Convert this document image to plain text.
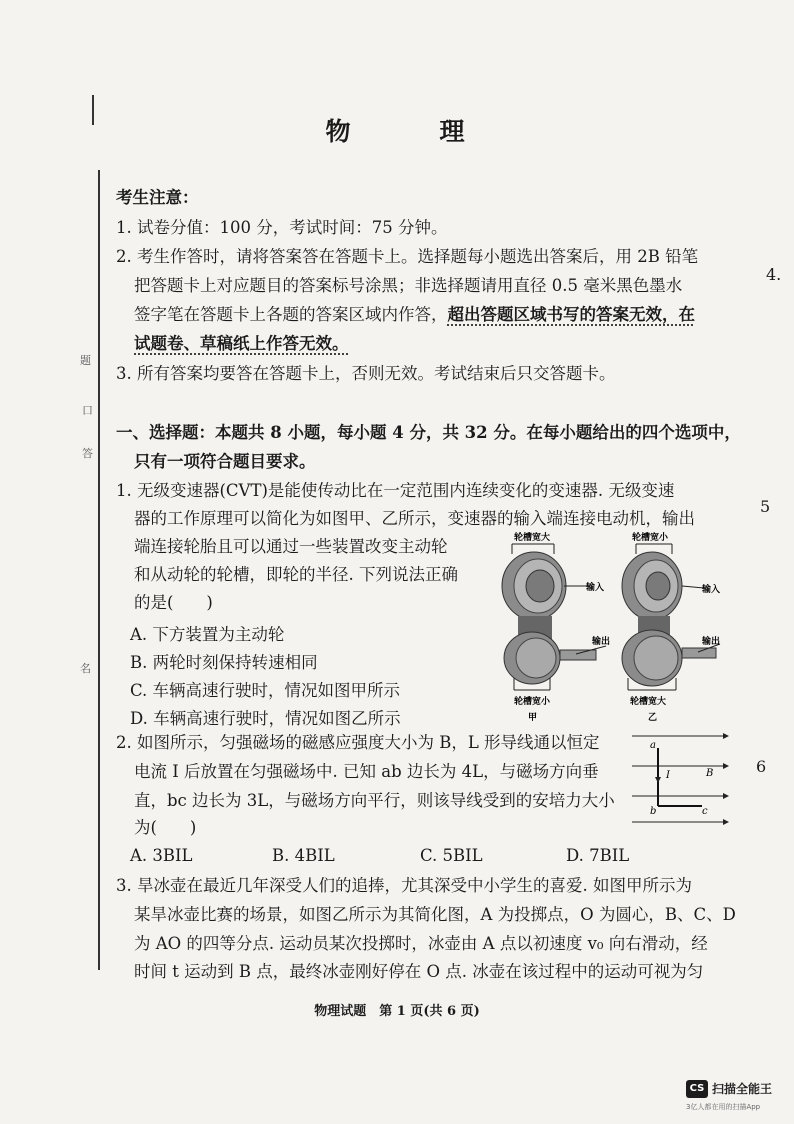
题
口
答
名
4.
5
6
物　理
考生注意：
1. 试卷分值：100 分，考试时间：75 分钟。
2. 考生作答时，请将答案答在答题卡上。选择题每小题选出答案后，用 2B 铅笔
把答题卡上对应题目的答案标号涂黑；非选择题请用直径 0.5 毫米黑色墨水
签字笔在答题卡上各题的答案区域内作答，超出答题区域书写的答案无效，在
试题卷、草稿纸上作答无效。
3. 所有答案均要答在答题卡上，否则无效。考试结束后只交答题卡。
一、选择题：本题共 8 小题，每小题 4 分，共 32 分。在每小题给出的四个选项中，
只有一项符合题目要求。
1. 无级变速器(CVT)是能使传动比在一定范围内连续变化的变速器. 无级变速
器的工作原理可以简化为如图甲、乙所示，变速器的输入端连接电动机，输出
端连接轮胎且可以通过一些装置改变主动轮
和从动轮的轮槽，即轮的半径. 下列说法正确
的是(　　)
A. 下方装置为主动轮
B. 两轮时刻保持转速相同
C. 车辆高速行驶时，情况如图甲所示
D. 车辆高速行驶时，情况如图乙所示
轮槽宽大	轮槽宽小
输入	输入
输出	输出
轮槽宽小	轮槽宽大
甲	乙
2. 如图所示，匀强磁场的磁感应强度大小为 B，L 形导线通以恒定
电流 I 后放置在匀强磁场中. 已知 ab 边长为 4L，与磁场方向垂
直，bc 边长为 3L，与磁场方向平行，则该导线受到的安培力大小
为(　　)
A. 3BIL	B. 4BIL	C. 5BIL	D. 7BIL
a
b	c
I	B
3. 旱冰壶在最近几年深受人们的追捧，尤其深受中小学生的喜爱. 如图甲所示为
某旱冰壶比赛的场景，如图乙所示为其简化图，A 为投掷点，O 为圆心，B、C、D
为 AO 的四等分点. 运动员某次投掷时，冰壶由 A 点以初速度 v₀ 向右滑动，经
时间 t 运动到 B 点，最终冰壶刚好停在 O 点. 冰壶在该过程中的运动可视为匀
物理试题　第 1 页(共 6 页)
CS 扫描全能王
3亿人都在用的扫描App
